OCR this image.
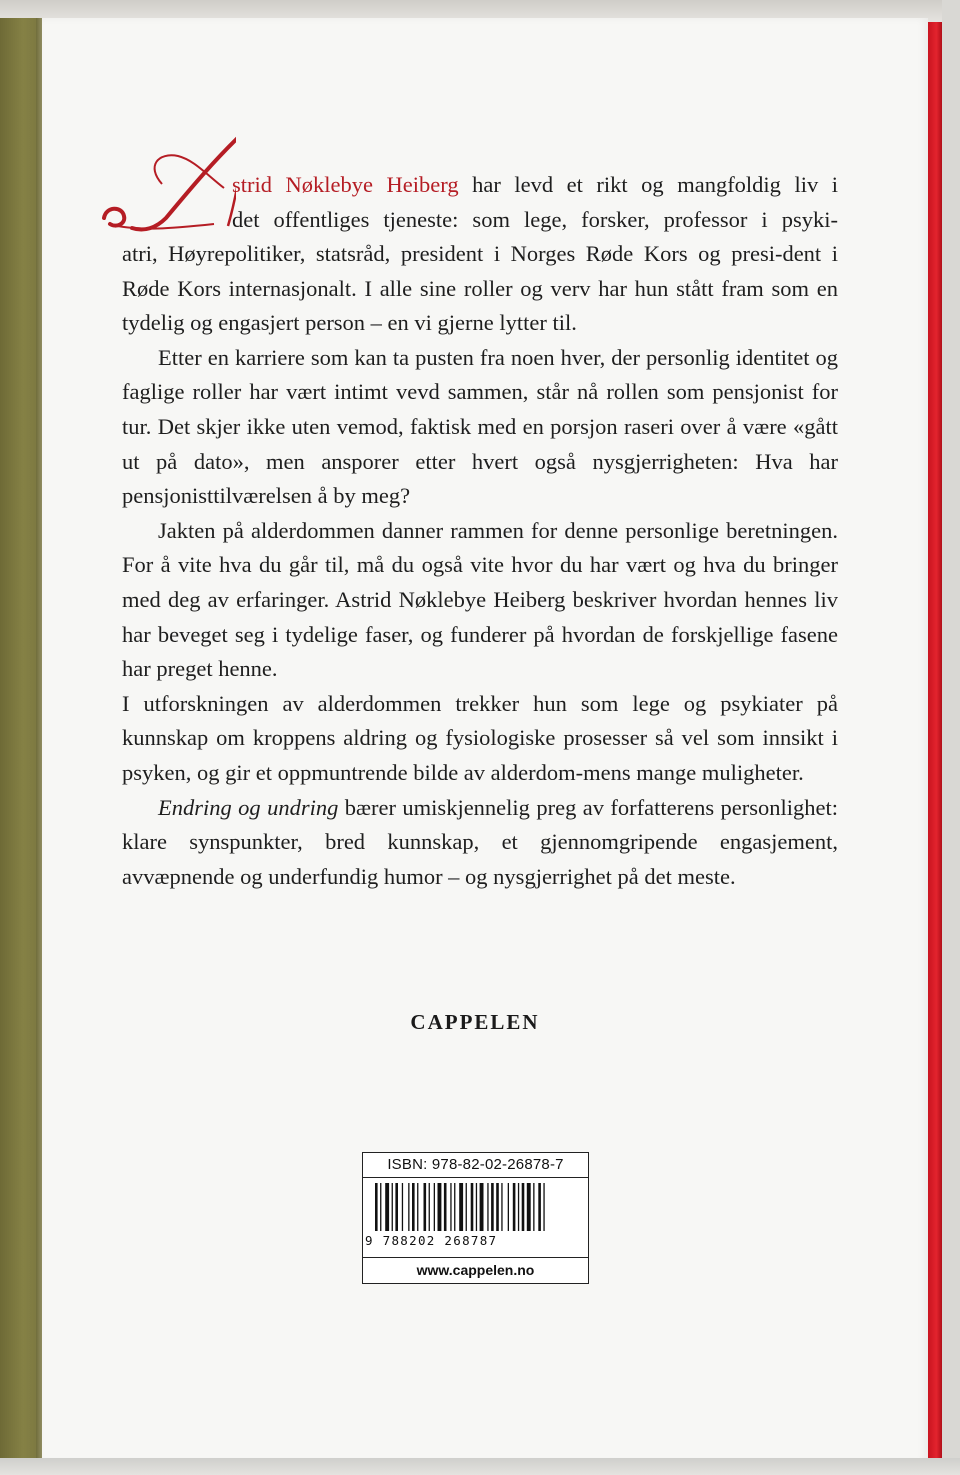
strid Nøklebye Heiberg har levd et rikt og mangfoldig liv i
det offentliges tjeneste: som lege, forsker, professor i psyki-

atri, Høyrepolitiker, statsråd, president i Norges Røde Kors og presi-dent i Røde Kors internasjonalt. I alle sine roller og verv har hun stått fram som en tydelig og engasjert person – en vi gjerne lytter til.

Etter en karriere som kan ta pusten fra noen hver, der personlig identitet og faglige roller har vært intimt vevd sammen, står nå rollen som pensjonist for tur. Det skjer ikke uten vemod, faktisk med en porsjon raseri over å være «gått ut på dato», men ansporer etter hvert også nysgjerrigheten: Hva har pensjonisttilværelsen å by meg?

Jakten på alderdommen danner rammen for denne personlige beretningen. For å vite hva du går til, må du også vite hvor du har vært og hva du bringer med deg av erfaringer. Astrid Nøklebye Heiberg beskriver hvordan hennes liv har beveget seg i tydelige faser, og funderer på hvordan de forskjellige fasene har preget henne.

I utforskningen av alderdommen trekker hun som lege og psykiater på kunnskap om kroppens aldring og fysiologiske prosesser så vel som innsikt i psyken, og gir et oppmuntrende bilde av alderdom-mens mange muligheter.

Endring og undring bærer umiskjennelig preg av forfatterens personlighet: klare synspunkter, bred kunnskap, et gjennomgripende engasjement, avvæpnende og underfundig humor – og nysgjerrighet på det meste.

ISBN: 978-82-02-26878-7
9 788202 268787
www.cappelen.no
CAPPELEN
